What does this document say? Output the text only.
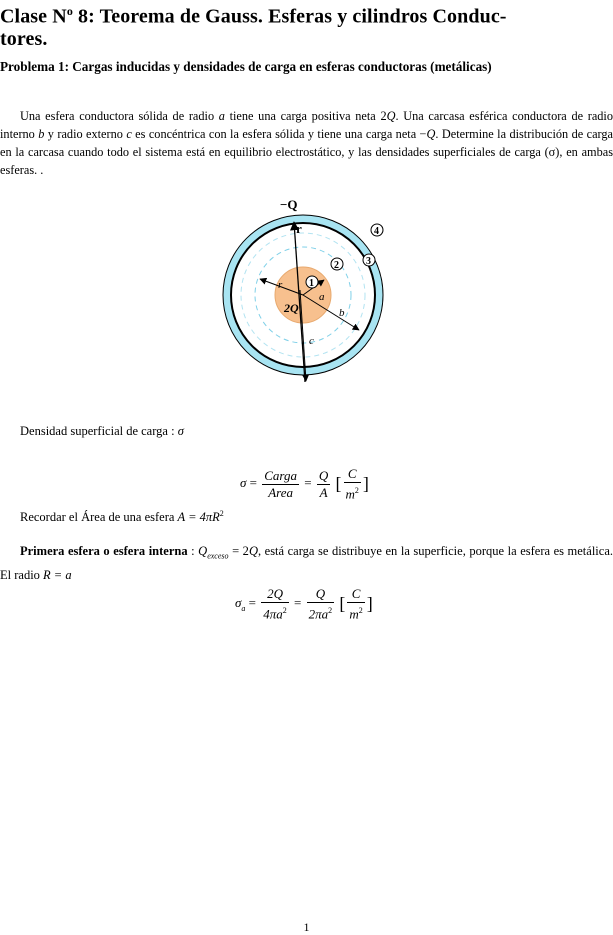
Clase $N^o$ 8: Teorema de Gauss. Esferas y cilindros Conduc-
tores.
Problema 1: Cargas inducidas y densidades de carga en esferas conductoras (metálicas)
Una esfera conductora sólida de radio a tiene una carga positiva neta 2Q. Una carcasa esférica conductora de radio interno b y radio externo c es concéntrica con la esfera sólida y tiene una carga neta −Q. Determine la distribución de carga en la carcasa cuando todo el sistema está en equilibrio electrostático, y las densidades superficiales de carga (σ), en ambas esferas. .
−Q
r
1
2	3
4
r
a
2Q	b
c
Densidad superficial de carga : σ
$\sigma = \frac{\text{Carga}}{\text{Area}} = \frac{Q}{A}$ [ $\frac{C}{m^2}$ ]
Recordar el Área de una esfera $A = 4\pi R^2$
Primera esfera o esfera interna : $Q_{exceso} = 2Q$, está carga se distribuye en la superficie, porque la esfera es metálica. El radio R = a
$\sigma_a = \frac{2Q}{4\pi a^2} = \frac{Q}{2\pi a^2}$ [ $\frac{C}{m^2}$ ]
1
